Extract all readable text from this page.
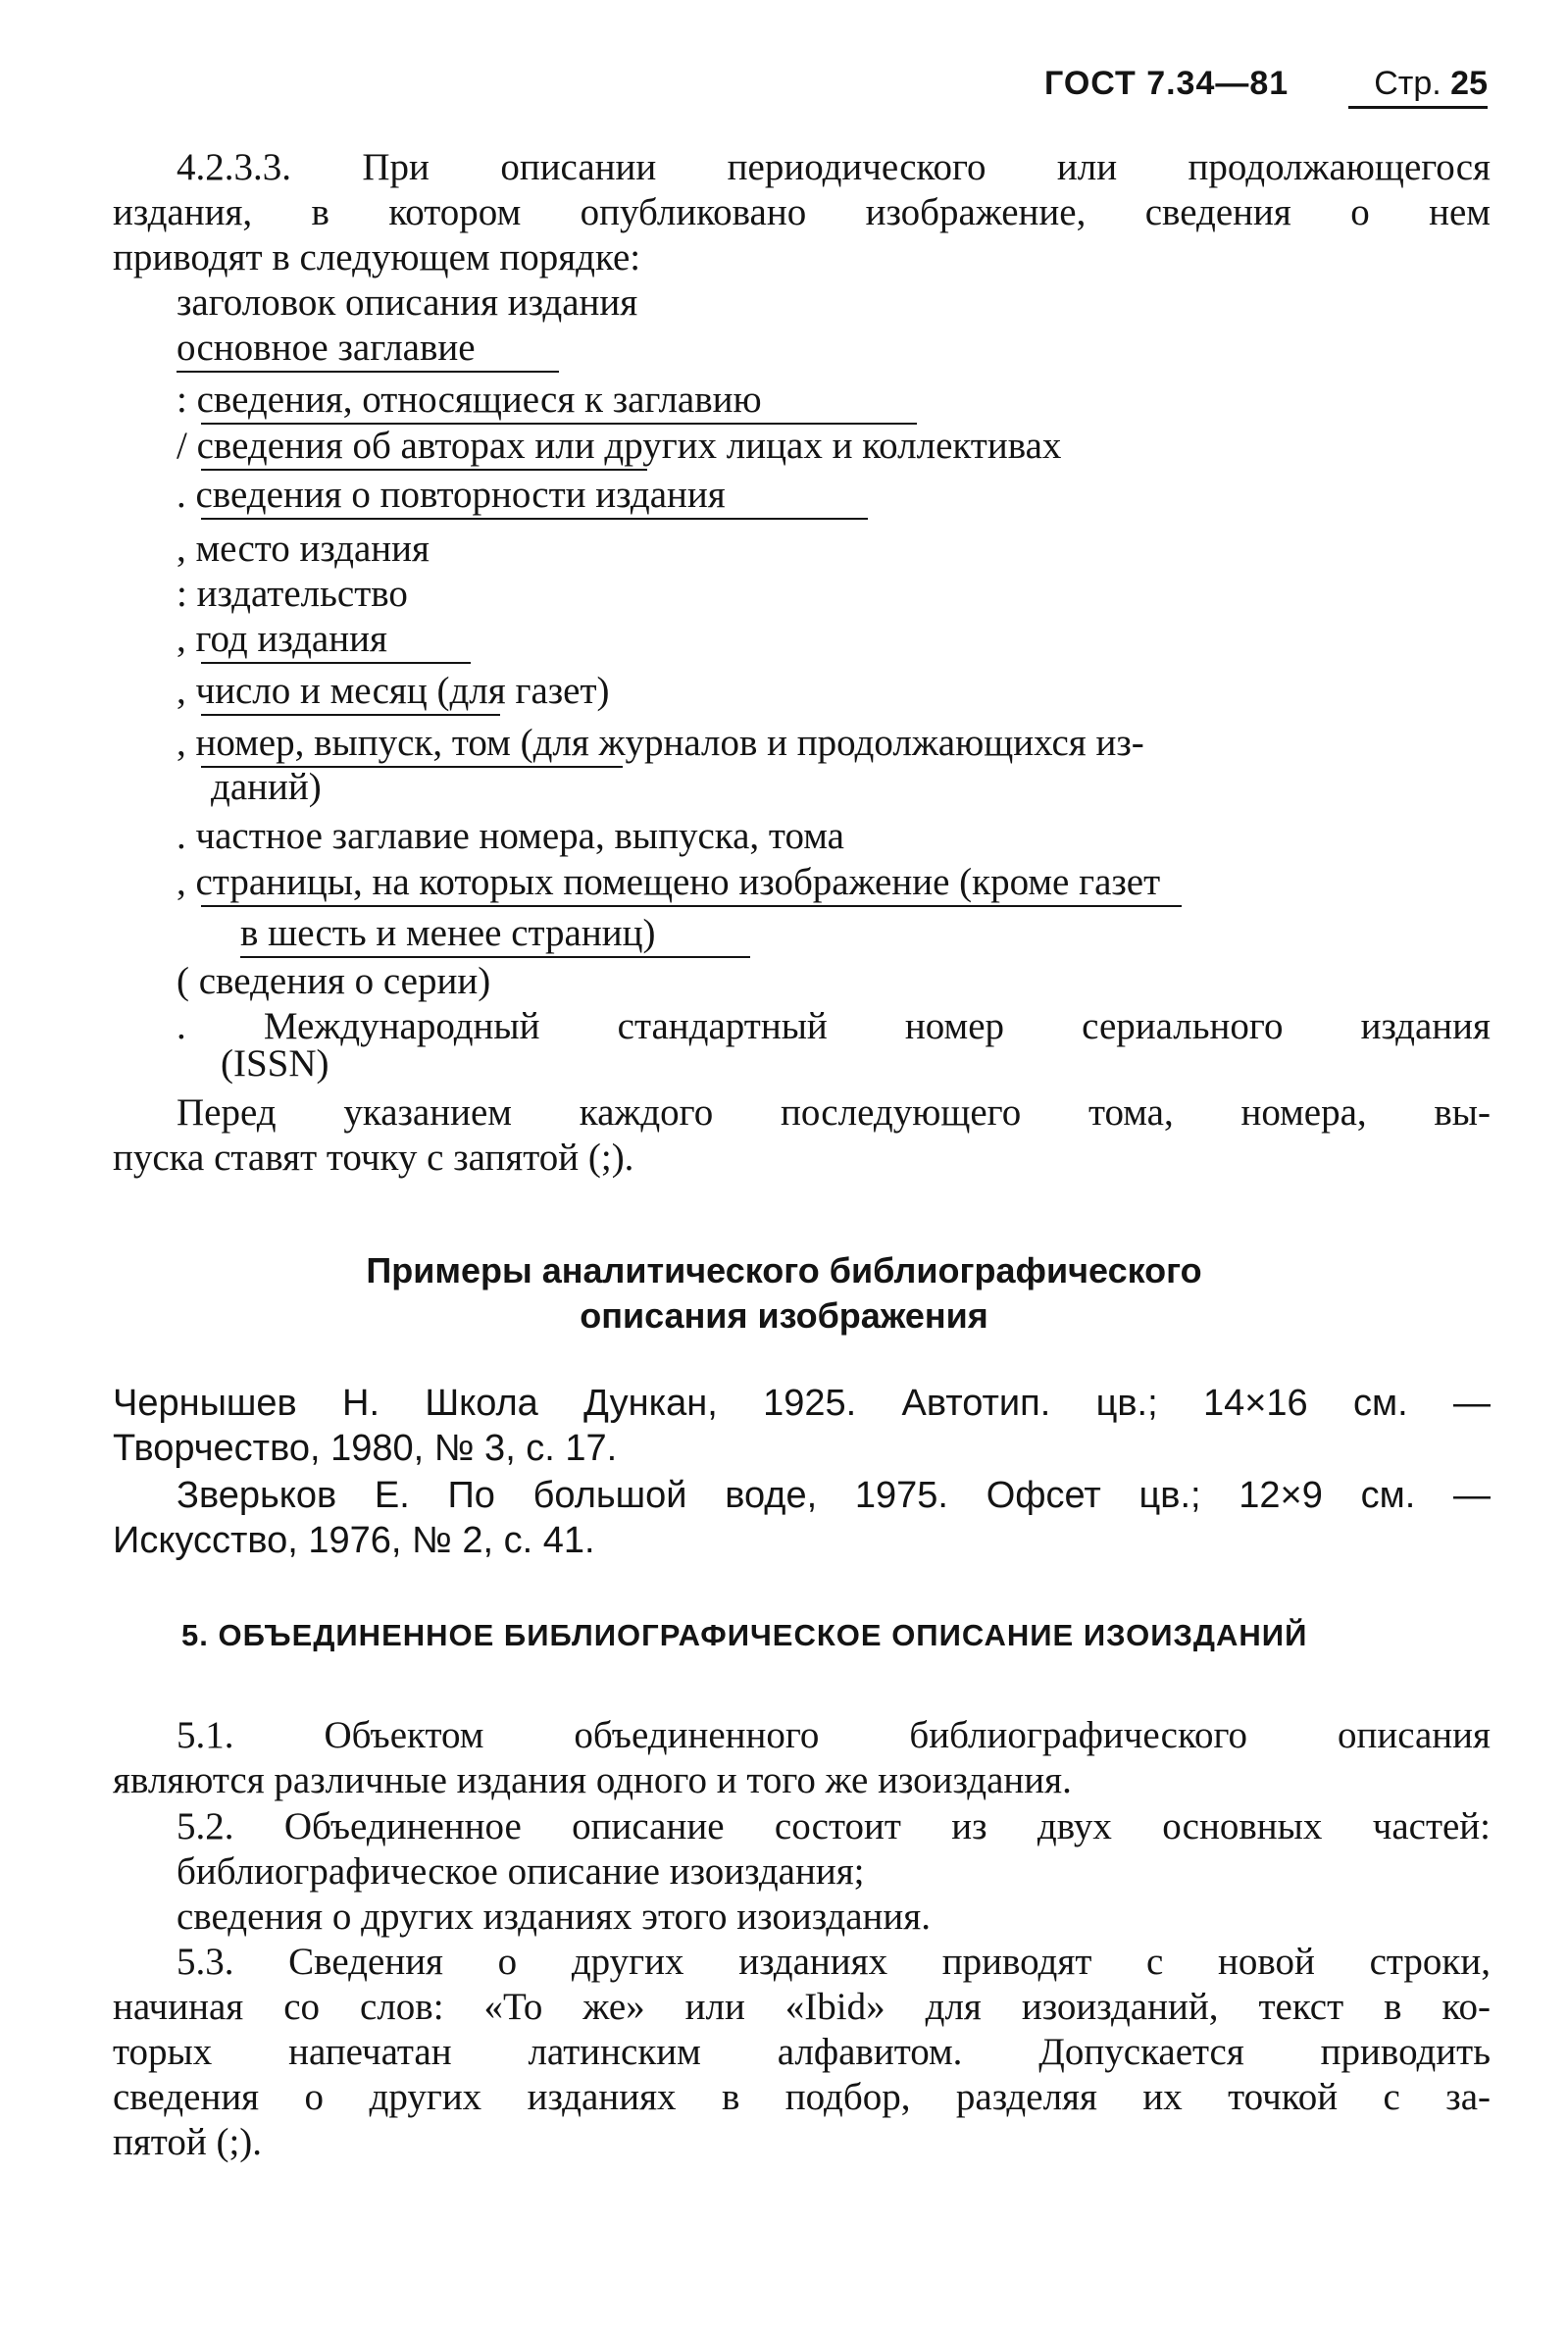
ГОСТ 7.34—81	Стр. 25
4.2.3.3. При описании периодического или продолжающегося
издания, в котором опубликовано изображение, сведения о нем
приводят в следующем порядке:
заголовок описания издания
основное заглавие
: сведения, относящиеся к заглавию
/ сведения об авторах или других лицах и коллективах
. сведения о повторности издания
, место издания
: издательство
, год издания
, число и месяц (для газет)
, номер, выпуск, том (для журналов и продолжающихся из-
даний)
. частное заглавие номера, выпуска, тома
, страницы, на которых помещено изображение (кроме газет
в шесть и менее страниц)
( сведения о серии)
. Международный стандартный номер сериального издания
(ISSN)
Перед указанием каждого последующего тома, номера, вы-
пуска ставят точку с запятой (;).
Примеры аналитического библиографического
описания изображения
Чернышев Н. Школа Дункан, 1925. Автотип. цв.; 14×16 см. —
Творчество, 1980, № 3, с. 17.
Зверьков Е. По большой воде, 1975. Офсет цв.; 12×9 см. —
Искусство, 1976, № 2, с. 41.
5. ОБЪЕДИНЕННОЕ БИБЛИОГРАФИЧЕСКОЕ ОПИСАНИЕ ИЗОИЗДАНИЙ
5.1. Объектом объединенного библиографического описания
являются различные издания одного и того же изоиздания.
5.2. Объединенное описание состоит из двух основных частей:
библиографическое описание изоиздания;
сведения о других изданиях этого изоиздания.
5.3. Сведения о других изданиях приводят с новой строки,
начиная со слов: «То же» или «Ibid» для изоизданий, текст в ко-
торых напечатан латинским алфавитом. Допускается приводить
сведения о других изданиях в подбор, разделяя их точкой с за-
пятой (;).
